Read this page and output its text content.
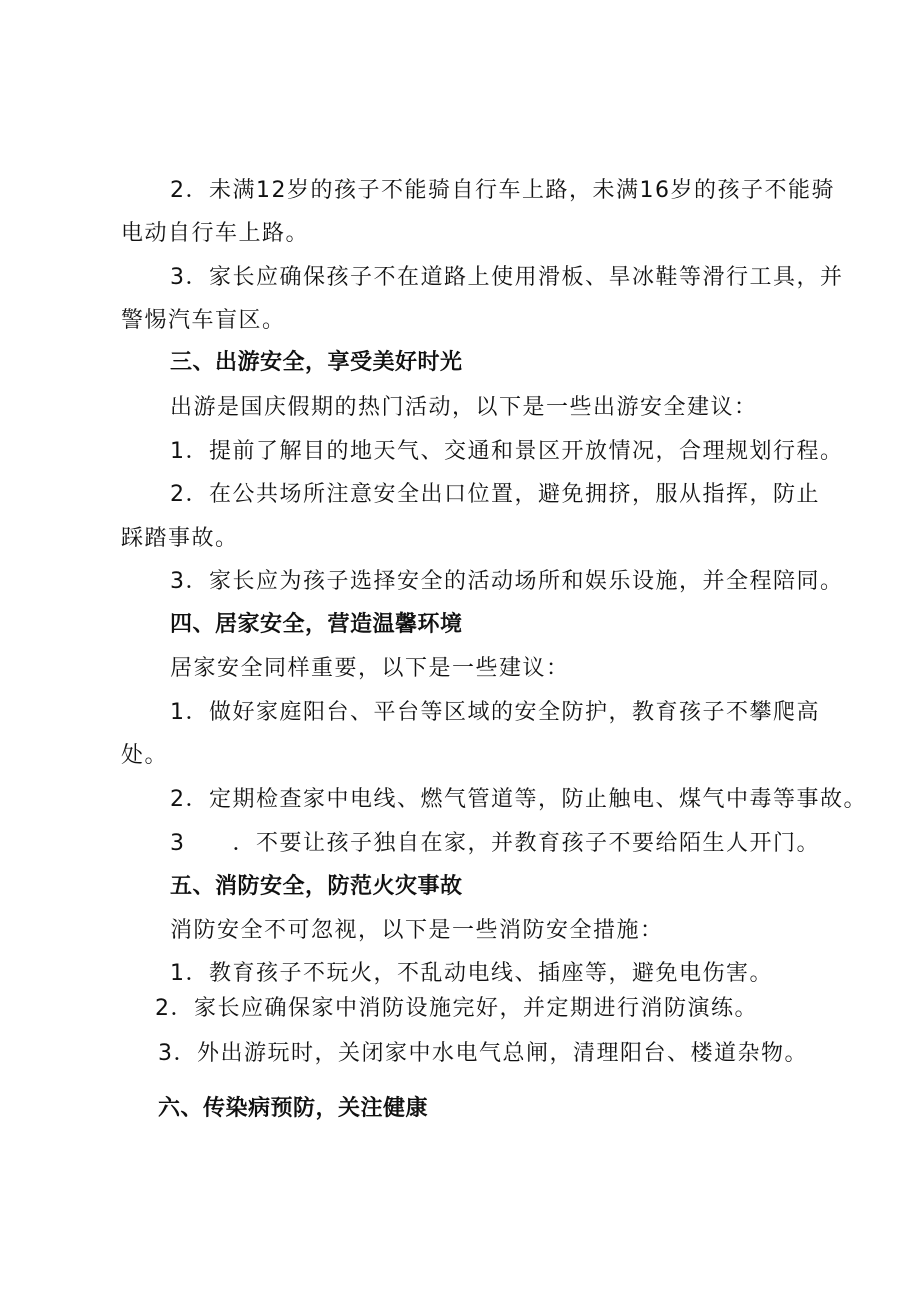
2．未满12岁的孩子不能骑自行车上路，未满16岁的孩子不能骑
电动自行车上路。
3．家长应确保孩子不在道路上使用滑板、旱冰鞋等滑行工具，并
警惕汽车盲区。
三、出游安全，享受美好时光
出游是国庆假期的热门活动，以下是一些出游安全建议：
1．提前了解目的地天气、交通和景区开放情况，合理规划行程。
2．在公共场所注意安全出口位置，避免拥挤，服从指挥，防止
踩踏事故。
3．家长应为孩子选择安全的活动场所和娱乐设施，并全程陪同。
四、居家安全，营造温馨环境
居家安全同样重要，以下是一些建议：
1．做好家庭阳台、平台等区域的安全防护，教育孩子不攀爬高
处。
2．定期检查家中电线、燃气管道等，防止触电、煤气中毒等事故。
3　　．不要让孩子独自在家，并教育孩子不要给陌生人开门。
五、消防安全，防范火灾事故
消防安全不可忽视，以下是一些消防安全措施：
1．教育孩子不玩火，不乱动电线、插座等，避免电伤害。
2．家长应确保家中消防设施完好，并定期进行消防演练。
3．外出游玩时，关闭家中水电气总闸，清理阳台、楼道杂物。
六、传染病预防，关注健康
